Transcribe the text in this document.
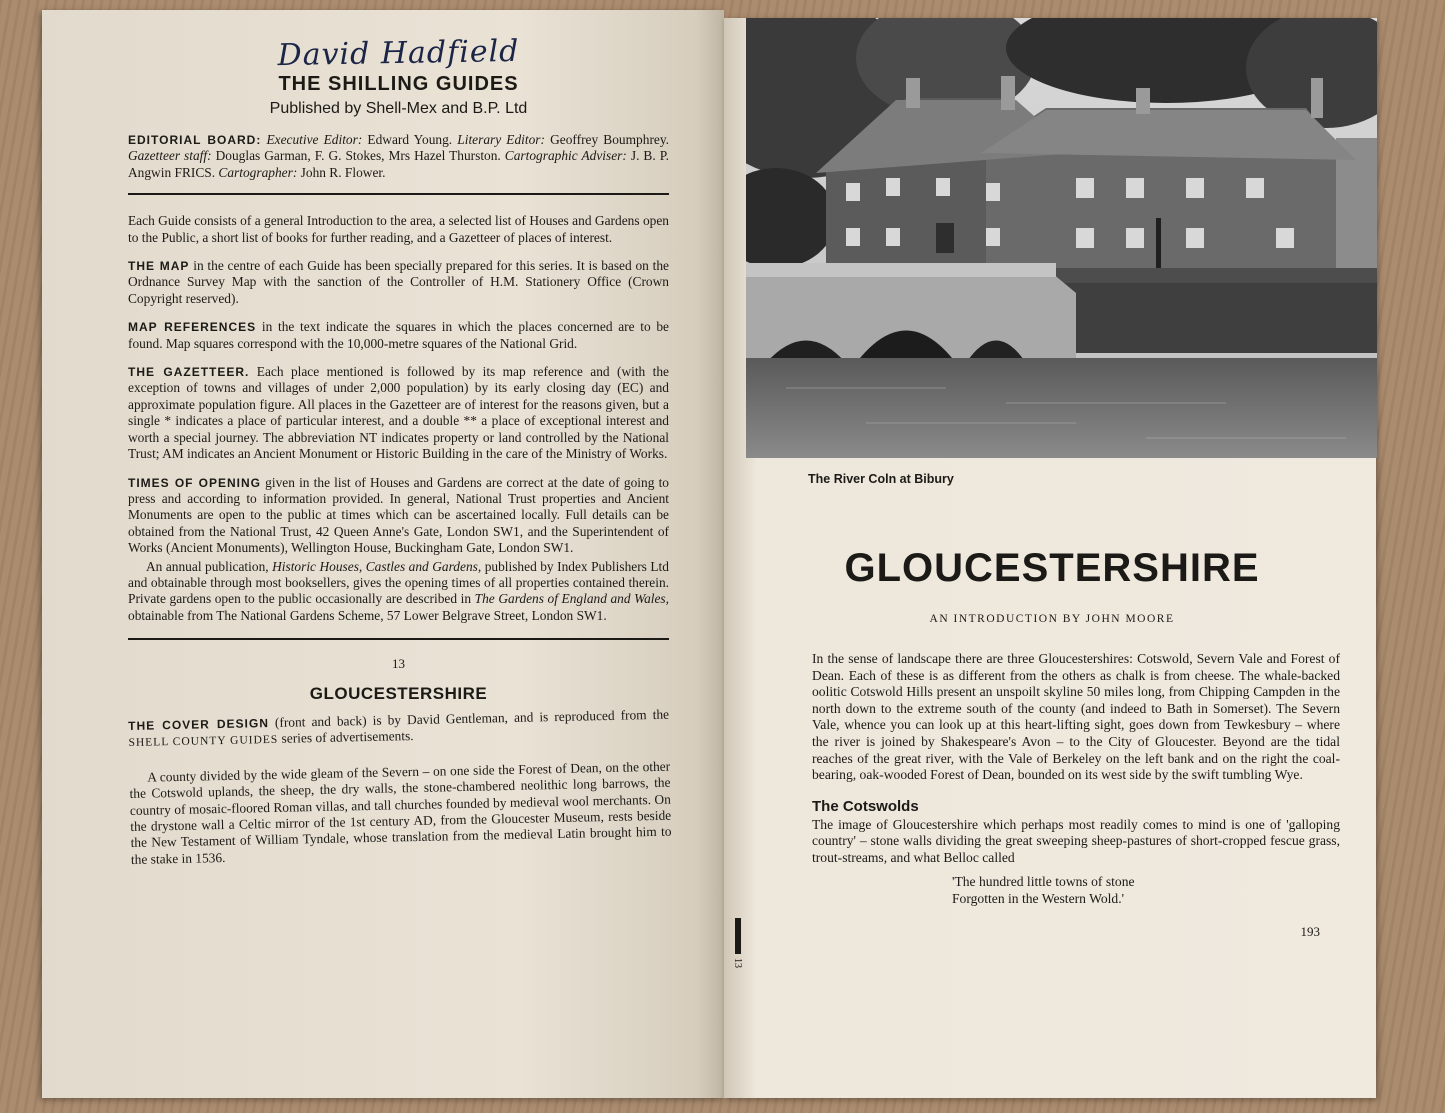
David Hadfield
THE SHILLING GUIDES
Published by Shell-Mex and B.P. Ltd

EDITORIAL BOARD: Executive Editor: Edward Young. Literary Editor: Geoffrey Boumphrey. Gazetteer staff: Douglas Garman, F. G. Stokes, Mrs Hazel Thurston. Cartographic Adviser: J. B. P. Angwin FRICS. Cartographer: John R. Flower.

Each Guide consists of a general Introduction to the area, a selected list of Houses and Gardens open to the Public, a short list of books for further reading, and a Gazetteer of places of interest.

THE MAP in the centre of each Guide has been specially prepared for this series. It is based on the Ordnance Survey Map with the sanction of the Controller of H.M. Stationery Office (Crown Copyright reserved).

MAP REFERENCES in the text indicate the squares in which the places concerned are to be found. Map squares correspond with the 10,000-metre squares of the National Grid.

THE GAZETTEER. Each place mentioned is followed by its map reference and (with the exception of towns and villages of under 2,000 population) by its early closing day (EC) and approximate population figure. All places in the Gazetteer are of interest for the reasons given, but a single * indicates a place of particular interest, and a double ** a place of exceptional interest and worth a special journey. The abbreviation NT indicates property or land controlled by the National Trust; AM indicates an Ancient Monument or Historic Building in the care of the Ministry of Works.

TIMES OF OPENING given in the list of Houses and Gardens are correct at the date of going to press and according to information provided. In general, National Trust properties and Ancient Monuments are open to the public at times which can be ascertained locally. Full details can be obtained from the National Trust, 42 Queen Anne's Gate, London SW1, and the Superintendent of Works (Ancient Monuments), Wellington House, Buckingham Gate, London SW1.

An annual publication, Historic Houses, Castles and Gardens, published by Index Publishers Ltd and obtainable through most booksellers, gives the opening times of all properties contained therein. Private gardens open to the public occasionally are described in The Gardens of England and Wales, obtainable from The National Gardens Scheme, 57 Lower Belgrave Street, London SW1.

13
GLOUCESTERSHIRE

THE COVER DESIGN (front and back) is by David Gentleman, and is reproduced from the SHELL COUNTY GUIDES series of advertisements.

A county divided by the wide gleam of the Severn – on one side the Forest of Dean, on the other the Cotswold uplands, the sheep, the dry walls, the stone-chambered neolithic long barrows, the country of mosaic-floored Roman villas, and tall churches founded by medieval wool merchants. On the drystone wall a Celtic mirror of the 1st century AD, from the Gloucester Museum, rests beside the New Testament of William Tyndale, whose translation from the medieval Latin brought him to the stake in 1536.

The River Coln at Bibury
GLOUCESTERSHIRE
AN INTRODUCTION BY JOHN MOORE

In the sense of landscape there are three Gloucestershires: Cotswold, Severn Vale and Forest of Dean. Each of these is as different from the others as chalk is from cheese. The whale-backed oolitic Cotswold Hills present an unspoilt skyline 50 miles long, from Chipping Campden in the north down to the extreme south of the county (and indeed to Bath in Somerset). The Severn Vale, whence you can look up at this heart-lifting sight, goes down from Tewkesbury – where the river is joined by Shakespeare's Avon – to the City of Gloucester. Beyond are the tidal reaches of the great river, with the Vale of Berkeley on the left bank and on the right the coal-bearing, oak-wooded Forest of Dean, bounded on its west side by the swift tumbling Wye.

The Cotswolds

The image of Gloucestershire which perhaps most readily comes to mind is one of 'galloping country' – stone walls dividing the great sweeping sheep-pastures of short-cropped fescue grass, trout-streams, and what Belloc called

'The hundred little towns of stone
Forgotten in the Western Wold.'
193
13
